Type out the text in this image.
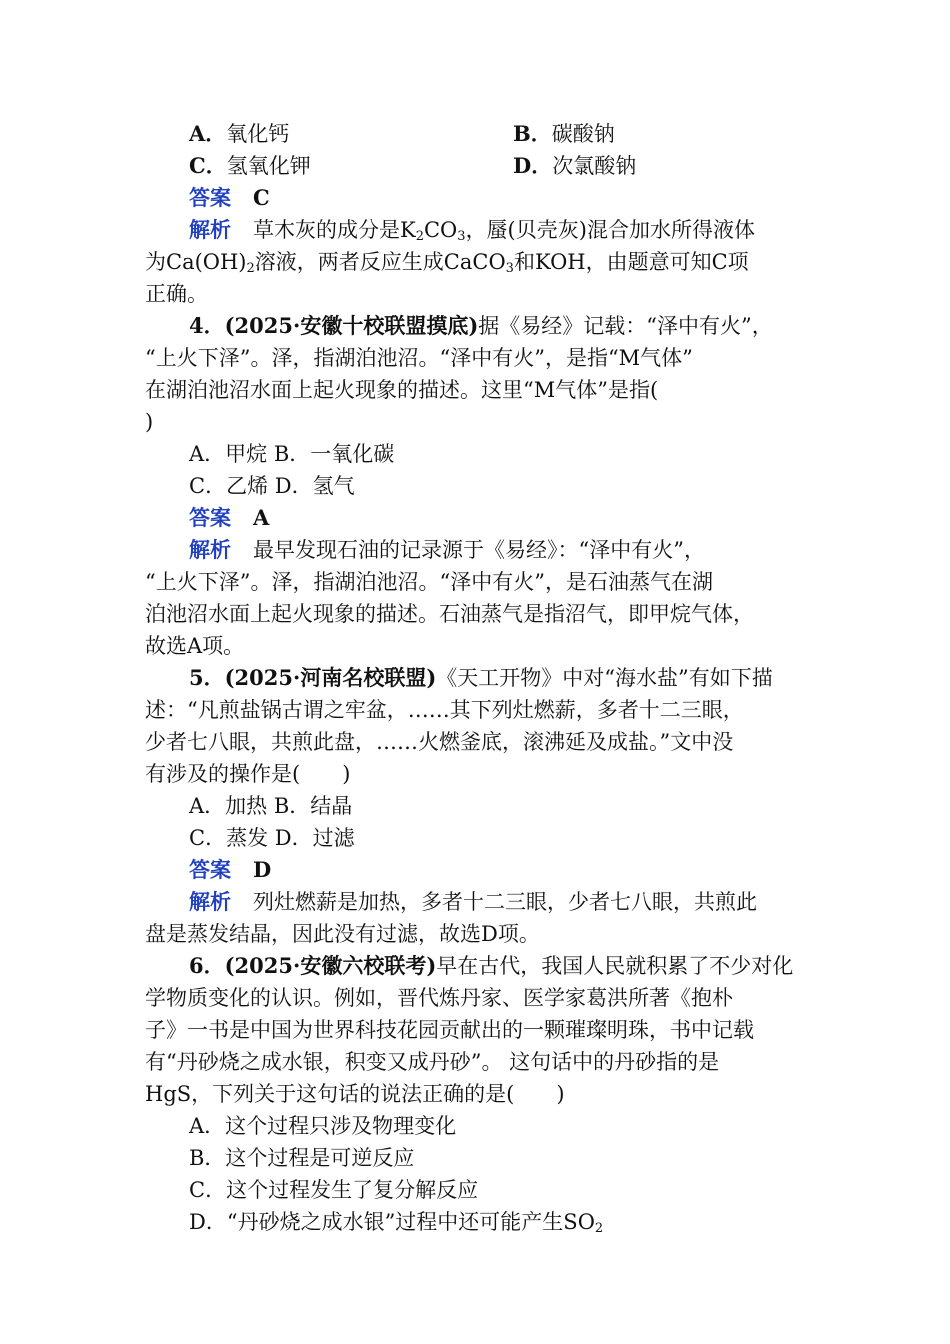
A．氧化钙	B．碳酸钠
C．氢氧化钾	D．次氯酸钠
答案 C
解析 草木灰的成分是$K_2CO_3$，蜃(贝壳灰)混合加水所得液体
为$Ca(OH)_2$溶液，两者反应生成CaCO$_3$和KOH，由题意可知C项
正确。
4．(2025·安徽十校联盟摸底)据《易经》记载：“泽中有火”，
“上火下泽”。泽，指湖泊池沼。“泽中有火”，是指“M气体”
在湖泊池沼水面上起火现象的描述。这里“M气体”是指(
)
A．甲烷 B．一氧化碳
C．乙烯 D．氢气
答案 A
解析 最早发现石油的记录源于《易经》：“泽中有火”，
“上火下泽”。泽，指湖泊池沼。“泽中有火”，是石油蒸气在湖
泊池沼水面上起火现象的描述。石油蒸气是指沼气，即甲烷气体，
故选A项。
5．(2025·河南名校联盟)《天工开物》中对“海水盐”有如下描
述：“凡煎盐锅古谓之牢盆，……其下列灶燃薪，多者十二三眼，
少者七八眼，共煎此盘，……火燃釜底，滚沸延及成盐。”文中没
有涉及的操作是(　　)
A．加热 B．结晶
C．蒸发 D．过滤
答案 D
解析 列灶燃薪是加热，多者十二三眼，少者七八眼，共煎此
盘是蒸发结晶，因此没有过滤，故选D项。
6．(2025·安徽六校联考)早在古代，我国人民就积累了不少对化
学物质变化的认识。例如，晋代炼丹家、医学家葛洪所著《抱朴
子》一书是中国为世界科技花园贡献出的一颗璀璨明珠，书中记载
有“丹砂烧之成水银，积变又成丹砂”。 这句话中的丹砂指的是
HgS，下列关于这句话的说法正确的是(　　)
A．这个过程只涉及物理变化
B．这个过程是可逆反应
C．这个过程发生了复分解反应
D．“丹砂烧之成水银”过程中还可能产生$SO_2$
